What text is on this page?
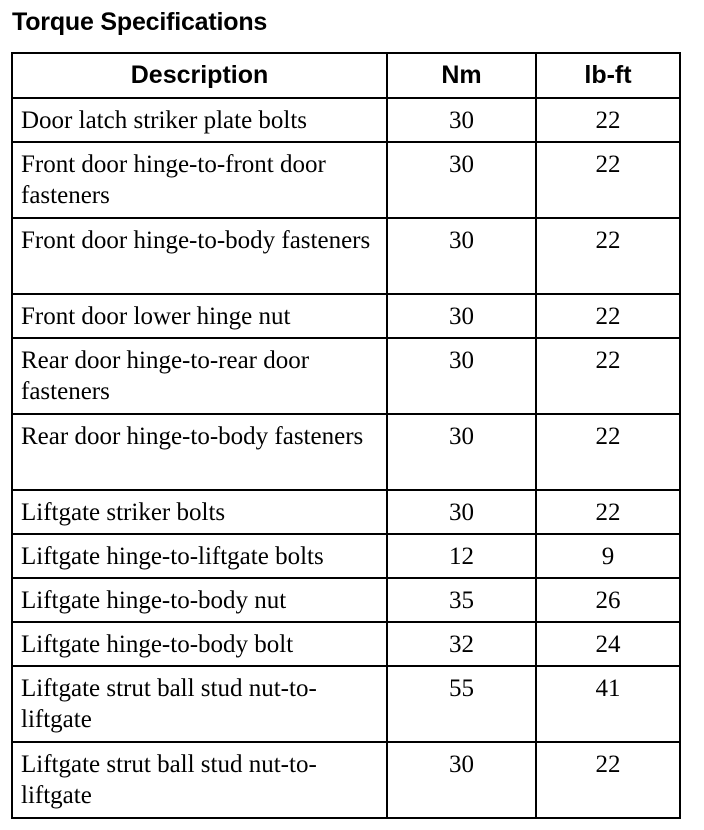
Torque Specifications
Description	Nm	lb-ft
Door latch striker plate bolts	30	22
Front door hinge-to-front door fasteners	30	22
Front door hinge-to-body fasteners	30	22
Front door lower hinge nut	30	22
Rear door hinge-to-rear door fasteners	30	22
Rear door hinge-to-body fasteners	30	22
Liftgate striker bolts	30	22
Liftgate hinge-to-liftgate bolts	12	9
Liftgate hinge-to-body nut	35	26
Liftgate hinge-to-body bolt	32	24
Liftgate strut ball stud nut-to-liftgate	55	41
Liftgate strut ball stud nut-to-liftgate	30	22
